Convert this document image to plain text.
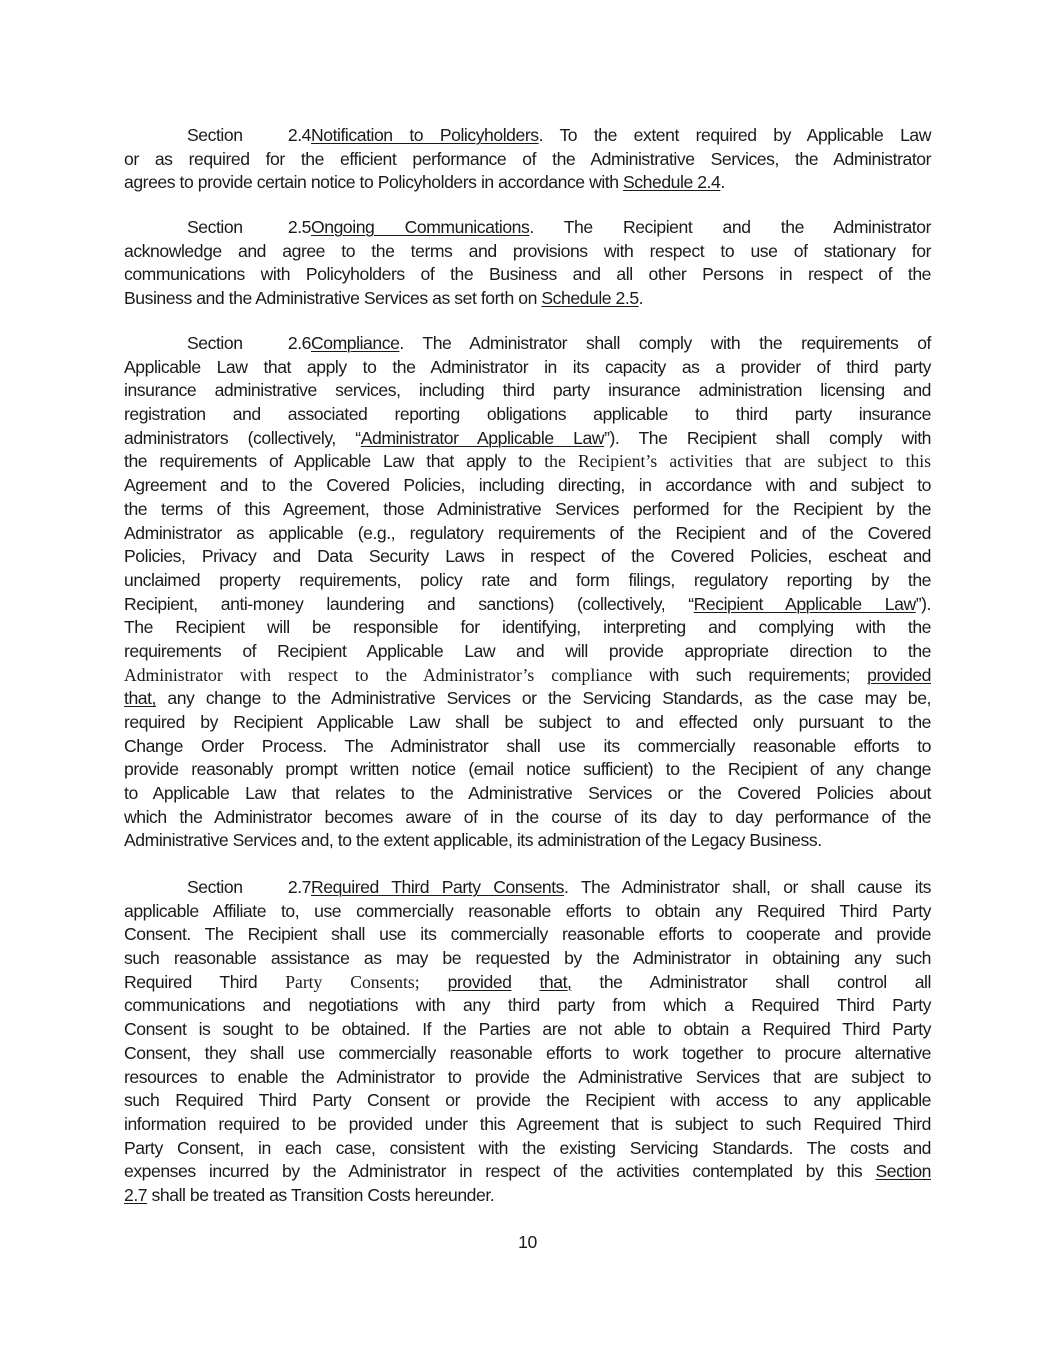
Section 2.4Notification to Policyholders. To the extent required by Applicable Law
or as required for the efficient performance of the Administrative Services, the Administrator
agrees to provide certain notice to Policyholders in accordance with Schedule 2.4.
Section 2.5Ongoing Communications. The Recipient and the Administrator
acknowledge and agree to the terms and provisions with respect to use of stationary for
communications with Policyholders of the Business and all other Persons in respect of the
Business and the Administrative Services as set forth on Schedule 2.5.
Section 2.6Compliance. The Administrator shall comply with the requirements of
Applicable Law that apply to the Administrator in its capacity as a provider of third party
insurance administrative services, including third party insurance administration licensing and
registration and associated reporting obligations applicable to third party insurance
administrators (collectively, “Administrator Applicable Law”). The Recipient shall comply with
the requirements of Applicable Law that apply to the Recipient’s activities that are subject to this
Agreement and to the Covered Policies, including directing, in accordance with and subject to
the terms of this Agreement, those Administrative Services performed for the Recipient by the
Administrator as applicable (e.g., regulatory requirements of the Recipient and of the Covered
Policies, Privacy and Data Security Laws in respect of the Covered Policies, escheat and
unclaimed property requirements, policy rate and form filings, regulatory reporting by the
Recipient, anti-money laundering and sanctions) (collectively, “Recipient Applicable Law”).
The Recipient will be responsible for identifying, interpreting and complying with the
requirements of Recipient Applicable Law and will provide appropriate direction to the
Administrator with respect to the Administrator’s compliance with such requirements; provided
that, any change to the Administrative Services or the Servicing Standards, as the case may be,
required by Recipient Applicable Law shall be subject to and effected only pursuant to the
Change Order Process. The Administrator shall use its commercially reasonable efforts to
provide reasonably prompt written notice (email notice sufficient) to the Recipient of any change
to Applicable Law that relates to the Administrative Services or the Covered Policies about
which the Administrator becomes aware of in the course of its day to day performance of the
Administrative Services and, to the extent applicable, its administration of the Legacy Business.
Section 2.7Required Third Party Consents. The Administrator shall, or shall cause its
applicable Affiliate to, use commercially reasonable efforts to obtain any Required Third Party
Consent. The Recipient shall use its commercially reasonable efforts to cooperate and provide
such reasonable assistance as may be requested by the Administrator in obtaining any such
Required Third Party Consents; provided that, the Administrator shall control all
communications and negotiations with any third party from which a Required Third Party
Consent is sought to be obtained. If the Parties are not able to obtain a Required Third Party
Consent, they shall use commercially reasonable efforts to work together to procure alternative
resources to enable the Administrator to provide the Administrative Services that are subject to
such Required Third Party Consent or provide the Recipient with access to any applicable
information required to be provided under this Agreement that is subject to such Required Third
Party Consent, in each case, consistent with the existing Servicing Standards. The costs and
expenses incurred by the Administrator in respect of the activities contemplated by this Section
2.7 shall be treated as Transition Costs hereunder.
10
